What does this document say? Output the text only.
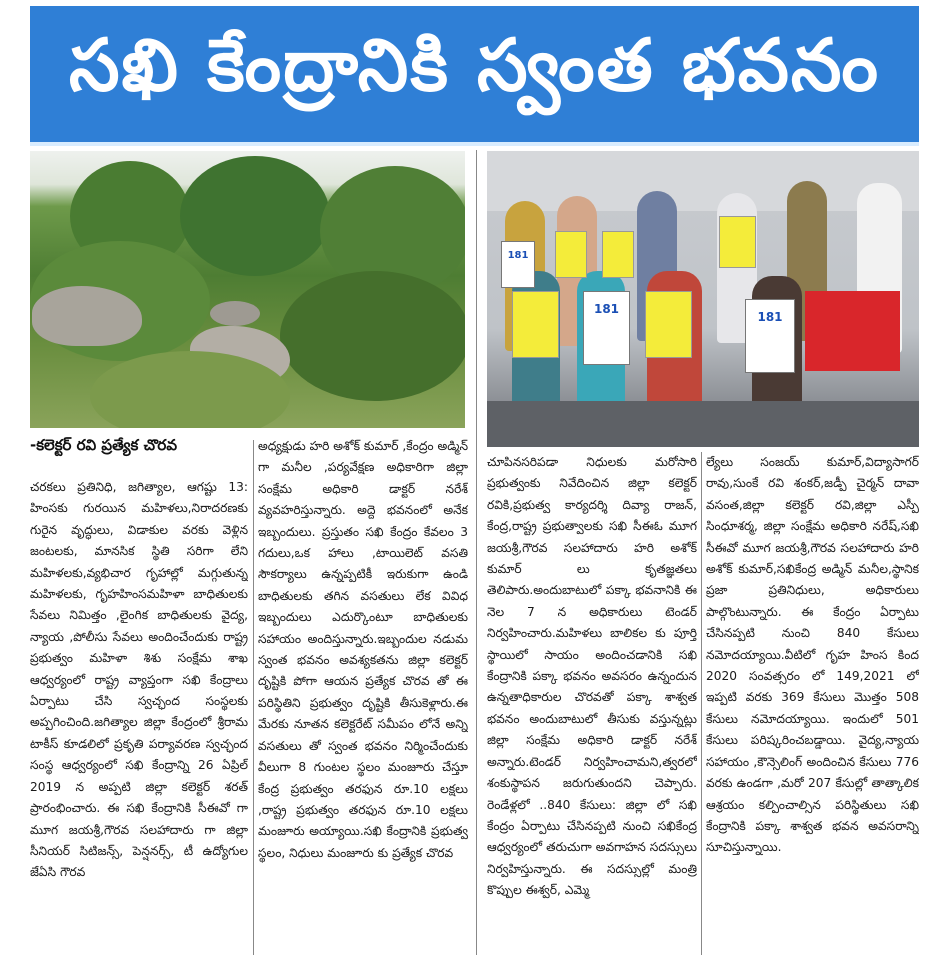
సఖి కేంద్రానికి స్వంత భవనం
181
181
181
-కలెక్టర్ రవి ప్రత్యేక చొరవ
చరకలు ప్రతినిధి, జగిత్యాల, ఆగష్టు 13: హింసకు గురయిన మహిళలు,నిరాదరణకు గురైన వృద్ధులు, విడాకుల వరకు వెళ్లిన జంటలకు, మానసిక స్థితి సరిగా లేని మహిళలకు,వ్యభిచార గృహాల్లో మగ్గుతున్న మహిళలకు, గృహహింసమహిళా బాధితులకు సేవలు నిమిత్తం ,లైంగిక బాధితులకు వైద్య, న్యాయ ,పోలీసు సేవలు అందించేందుకు రాష్ట్ర ప్రభుత్వం మహిళా శిశు సంక్షేమ శాఖ ఆధ్వర్యంలో రాష్ట్ర వ్యాప్తంగా సఖి కేంద్రాలు ఏర్పాటు చేసి స్వచ్ఛంద సంస్థలకు అప్పగించింది.జగిత్యాల జిల్లా కేంద్రంలో శ్రీరామ టాకీస్ కూడలిలో ప్రకృతి పర్యావరణ స్వచ్ఛంద సంస్థ ఆధ్వర్యంలో సఖి కేంద్రాన్ని 26 ఏప్రిల్ 2019 న అప్పటి జిల్లా కలెక్టర్ శరత్ ప్రారంభించారు. ఈ సఖి కేంద్రానికి సీఈవో గా మూగ జయశ్రీ,గౌరవ సలహాదారు గా జిల్లా సీనియర్ సిటిజన్స్, పెన్షనర్స్, టీ ఉద్యోగుల జేఏసి గౌరవ
అధ్యక్షుడు హరి అశోక్ కుమార్ ,కేంద్రం అడ్మిన్ గా మనీల ,పర్యవేక్షణ అధికారిగా జిల్లా సంక్షేమ అధికారి డాక్టర్ నరేశ్ వ్యవహరిస్తున్నారు. అద్దె భవనంలో అనేక ఇబ్బందులు. ప్రస్తుతం సఖి కేంద్రం కేవలం 3 గదులు,ఒక హాలు ,టాయిలెట్ వసతి సౌకర్యాలు ఉన్నప్పటికీ ఇరుకుగా ఉండి బాధితులకు తగిన వసతులు లేక వివిధ ఇబ్బందులు ఎదుర్కొంటూ బాధితులకు సహాయం అందిస్తున్నారు.ఇబ్బందుల నడుమ స్వంత భవనం అవశ్యకతను జిల్లా కలెక్టర్ దృష్టికి పోగా ఆయన ప్రత్యేక చొరవ తో ఈ పరిస్థితిని ప్రభుత్వం దృష్టికి తీసుకెళ్లారు.ఈ మేరకు నూతన కలెక్టరేట్ సమీపం లోనే అన్ని వసతులు తో స్వంత భవనం నిర్మించేందుకు వీలుగా 8 గుంటల స్థలం మంజూరు చేస్తూ కేంద్ర ప్రభుత్వం తరఫున రూ.10 లక్షలు ,రాష్ట్ర ప్రభుత్వం తరఫున రూ.10 లక్షలు మంజూరు అయ్యాయి.సఖి కేంద్రానికి ప్రభుత్వ స్థలం, నిధులు మంజూరు కు ప్రత్యేక చొరవ
చూపినసరిపడా నిధులకు మరోసారి ప్రభుత్వంకు నివేదించిన జిల్లా కలెక్టర్ రవికి,ప్రభుత్వ కార్యదర్శి దివ్యా రాజన్, కేంద్ర,రాష్ట్ర ప్రభుత్వాలకు సఖి సీఈఓ మూగ జయశ్రీ,గౌరవ సలహాదారు హరి అశోక్ కుమార్ లు కృతజ్ఞతలు తెలిపారు.అందుబాటులో పక్కా భవనానికి ఈ నెల 7 న అధికారులు టెండర్ నిర్వహించారు.మహిళలు బాలికల కు పూర్తి స్థాయిలో సాయం అందించడానికి సఖి కేంద్రానికి పక్కా భవనం అవసరం ఉన్నందున ఉన్నతాధికారుల చొరవతో పక్కా శాశ్వత భవనం అందుబాటులో తీసుకు వస్తున్నట్లు జిల్లా సంక్షేమ అధికారి డాక్టర్ నరేశ్ అన్నారు.టెండర్ నిర్వహించామని,త్వరలో శంకుస్థాపన జరుగుతుందని చెప్పారు. రెండేళ్లలో ..840 కేసులు: జిల్లా లో సఖి కేంద్రం ఏర్పాటు చేసినప్పటి నుంచి సఖికేంద్ర ఆధ్వర్యంలో తరుచుగా అవగాహన సదస్సులు నిర్వహిస్తున్నారు. ఈ సదస్సుల్లో మంత్రి కొప్పుల ఈశ్వర్, ఎమ్మె
ల్యేలు సంజయ్ కుమార్,విద్యాసాగర్ రావు,సుంకే రవి శంకర్,జడ్పీ చైర్మన్ దావా వసంత,జిల్లా కలెక్టర్ రవి,జిల్లా ఎస్పీ సింధూశర్మ, జిల్లా సంక్షేమ అధికారి నరేష్,సఖి సీఈవో మూగ జయశ్రీ,గౌరవ సలహాదారు హరి అశోక్ కుమార్,సఖికేంద్ర అడ్మిన్ మనీల,స్థానిక ప్రజా ప్రతినిధులు, అధికారులు పాల్గొంటున్నారు. ఈ కేంద్రం ఏర్పాటు చేసినప్పటి నుంచి 840 కేసులు నమోదయ్యాయి.వీటిలో గృహ హింస కింద 2020 సంవత్సరం లో 149,2021 లో ఇప్పటి వరకు 369 కేసులు మొత్తం 508 కేసులు నమోదయ్యాయి. ఇందులో 501 కేసులు పరిష్కరించబడ్డాయి. వైద్య,న్యాయ సహాయం ,కౌన్సెలింగ్ అందించిన కేసులు 776 వరకు ఉండగా ,మరో 207 కేసుల్లో తాత్కాలిక ఆశ్రయం కల్పించాల్సిన పరిస్థితులు సఖి కేంద్రానికి పక్కా శాశ్వత భవన అవసరాన్ని సూచిస్తున్నాయి.
